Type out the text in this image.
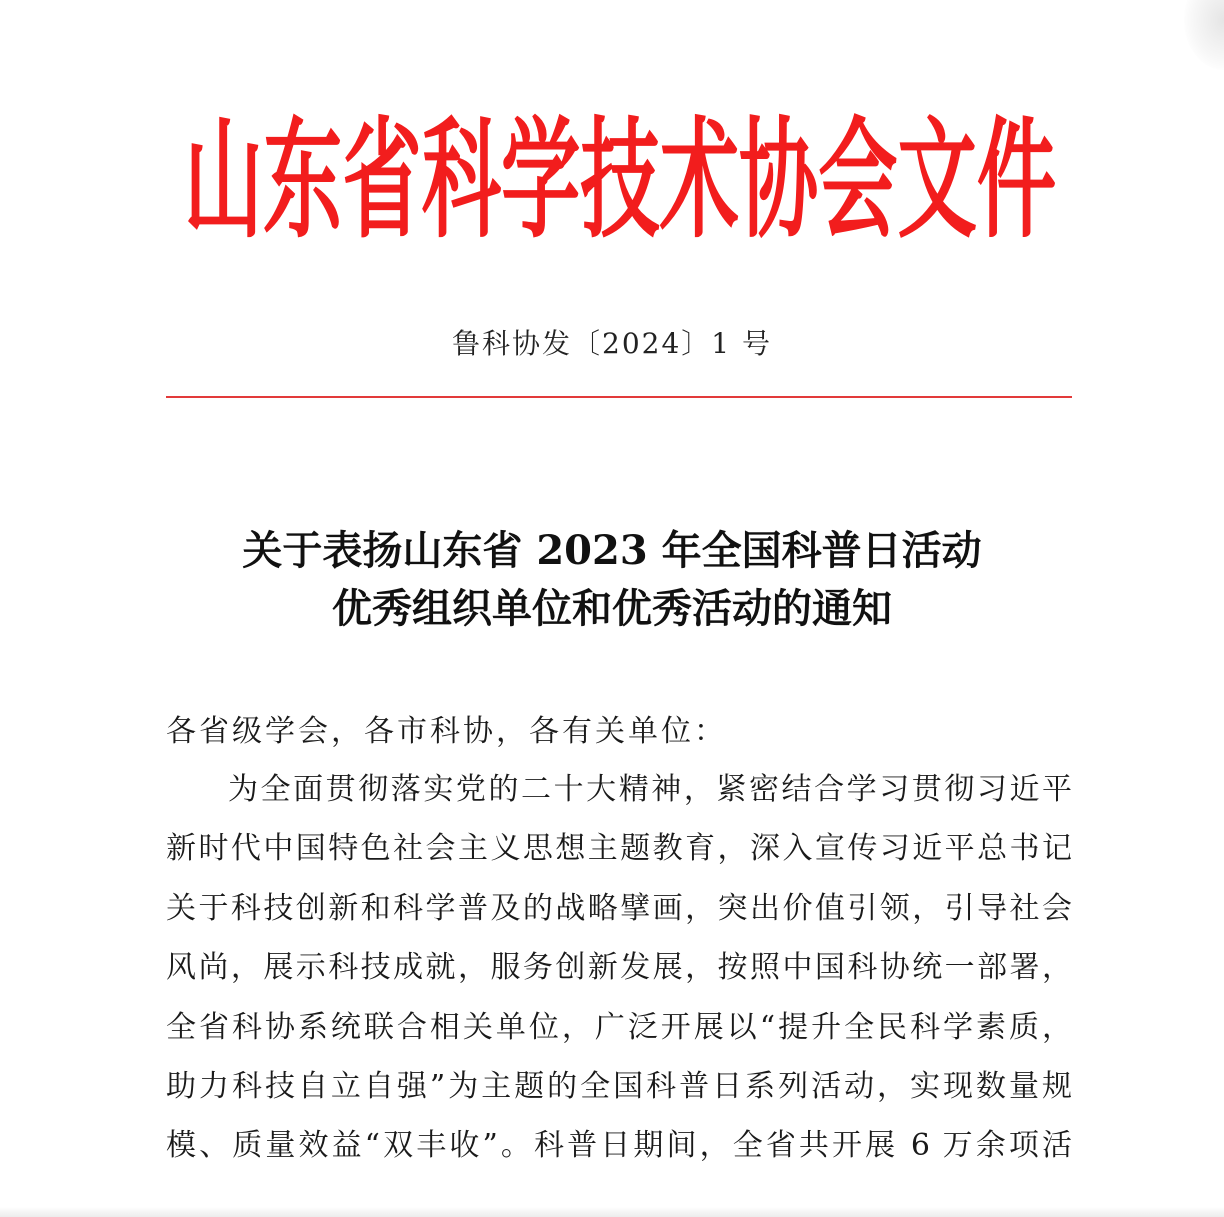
山东省科学技术协会文件
鲁科协发〔2024〕1 号
关于表扬山东省 2023 年全国科普日活动
优秀组织单位和优秀活动的通知
各省级学会，各市科协，各有关单位：
为全面贯彻落实党的二十大精神，紧密结合学习贯彻习近平
新时代中国特色社会主义思想主题教育，深入宣传习近平总书记
关于科技创新和科学普及的战略擘画，突出价值引领，引导社会
风尚，展示科技成就，服务创新发展，按照中国科协统一部署，
全省科协系统联合相关单位，广泛开展以“提升全民科学素质，
助力科技自立自强”为主题的全国科普日系列活动，实现数量规
模、质量效益“双丰收”。科普日期间，全省共开展 6 万余项活
